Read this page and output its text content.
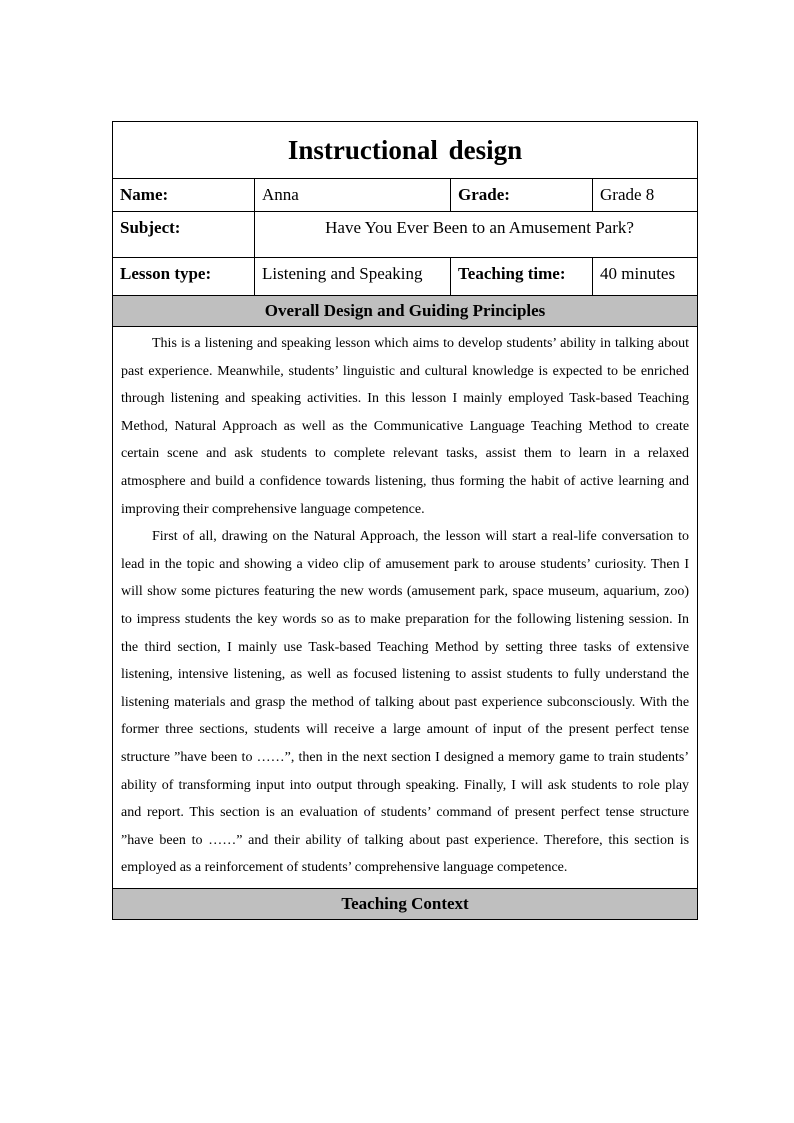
Instructional design			
Name:	Anna	Grade:	Grade 8
Subject:	Have You Ever Been to an Amusement Park?		
Lesson type:	Listening and Speaking	Teaching time:	40 minutes
Overall Design and Guiding Principles			

This is a listening and speaking lesson which aims to develop students’ ability in talking about past experience. Meanwhile, students’ linguistic and cultural knowledge is expected to be enriched through listening and speaking activities. In this lesson I mainly employed Task-based Teaching Method, Natural Approach as well as the Communicative Language Teaching Method to create certain scene and ask students to complete relevant tasks, assist them to learn in a relaxed atmosphere and build a confidence towards listening, thus forming the habit of active learning and improving their comprehensive language competence.

First of all, drawing on the Natural Approach, the lesson will start a real-life conversation to lead in the topic and showing a video clip of amusement park to arouse students’ curiosity. Then I will show some pictures featuring the new words (amusement park, space museum, aquarium, zoo) to impress students the key words so as to make preparation for the following listening session. In the third section, I mainly use Task-based Teaching Method by setting three tasks of extensive listening, intensive listening, as well as focused listening to assist students to fully understand the listening materials and grasp the method of talking about past experience subconsciously. With the former three sections, students will receive a large amount of input of the present perfect tense structure ”have been to ……”, then in the next section I designed a memory game to train students’ ability of transforming input into output through speaking. Finally, I will ask students to role play and report. This section is an evaluation of students’ command of present perfect tense structure ”have been to ……” and their ability of talking about past experience. Therefore, this section is employed as a reinforcement of students’ comprehensive language competence.			

Teaching Context			
